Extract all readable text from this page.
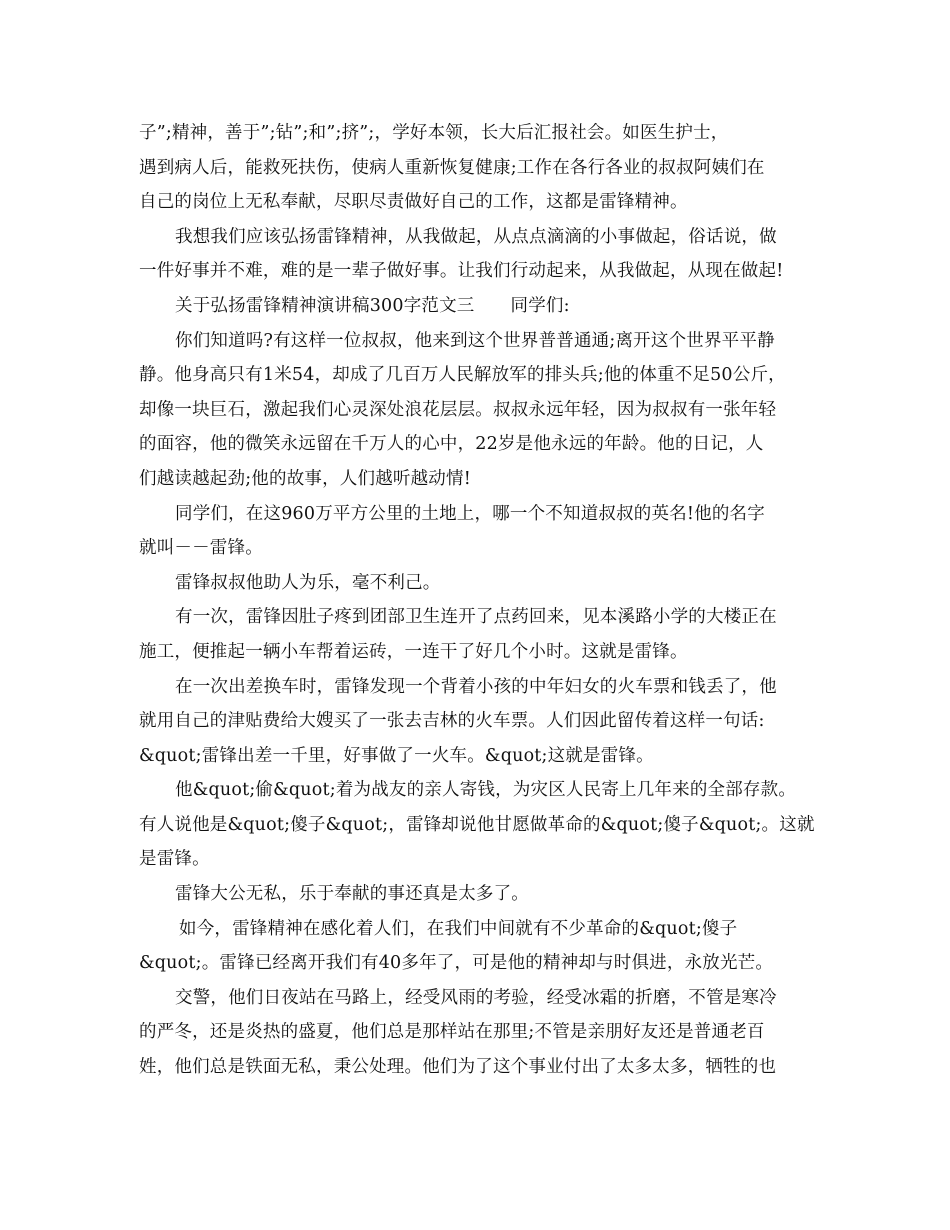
子”;精神，善于”;钻”;和”;挤”;，学好本领，长大后汇报社会。如医生护士，
遇到病人后，能救死扶伤，使病人重新恢复健康;工作在各行各业的叔叔阿姨们在
自己的岗位上无私奉献，尽职尽责做好自己的工作，这都是雷锋精神。
我想我们应该弘扬雷锋精神，从我做起，从点点滴滴的小事做起，俗话说，做
一件好事并不难，难的是一辈子做好事。让我们行动起来，从我做起，从现在做起!
关于弘扬雷锋精神演讲稿300字范文三 同学们:
你们知道吗?有这样一位叔叔，他来到这个世界普普通通;离开这个世界平平静
静。他身高只有1米54，却成了几百万人民解放军的排头兵;他的体重不足50公斤，
却像一块巨石，激起我们心灵深处浪花层层。叔叔永远年轻，因为叔叔有一张年轻
的面容，他的微笑永远留在千万人的心中，22岁是他永远的年龄。他的日记，人
们越读越起劲;他的故事，人们越听越动情!
同学们，在这960万平方公里的土地上，哪一个不知道叔叔的英名!他的名字
就叫－－雷锋。
雷锋叔叔他助人为乐，毫不利己。
有一次，雷锋因肚子疼到团部卫生连开了点药回来，见本溪路小学的大楼正在
施工，便推起一辆小车帮着运砖，一连干了好几个小时。这就是雷锋。
在一次出差换车时，雷锋发现一个背着小孩的中年妇女的火车票和钱丢了，他
就用自己的津贴费给大嫂买了一张去吉林的火车票。人们因此留传着这样一句话:
&quot;雷锋出差一千里，好事做了一火车。&quot;这就是雷锋。
他&quot;偷&quot;着为战友的亲人寄钱，为灾区人民寄上几年来的全部存款。
有人说他是&quot;傻子&quot;，雷锋却说他甘愿做革命的&quot;傻子&quot;。这就
是雷锋。
雷锋大公无私，乐于奉献的事还真是太多了。
如今，雷锋精神在感化着人们，在我们中间就有不少革命的&quot;傻子
&quot;。雷锋已经离开我们有40多年了，可是他的精神却与时俱进，永放光芒。
交警，他们日夜站在马路上，经受风雨的考验，经受冰霜的折磨，不管是寒冷
的严冬，还是炎热的盛夏，他们总是那样站在那里;不管是亲朋好友还是普通老百
姓，他们总是铁面无私，秉公处理。他们为了这个事业付出了太多太多，牺牲的也
